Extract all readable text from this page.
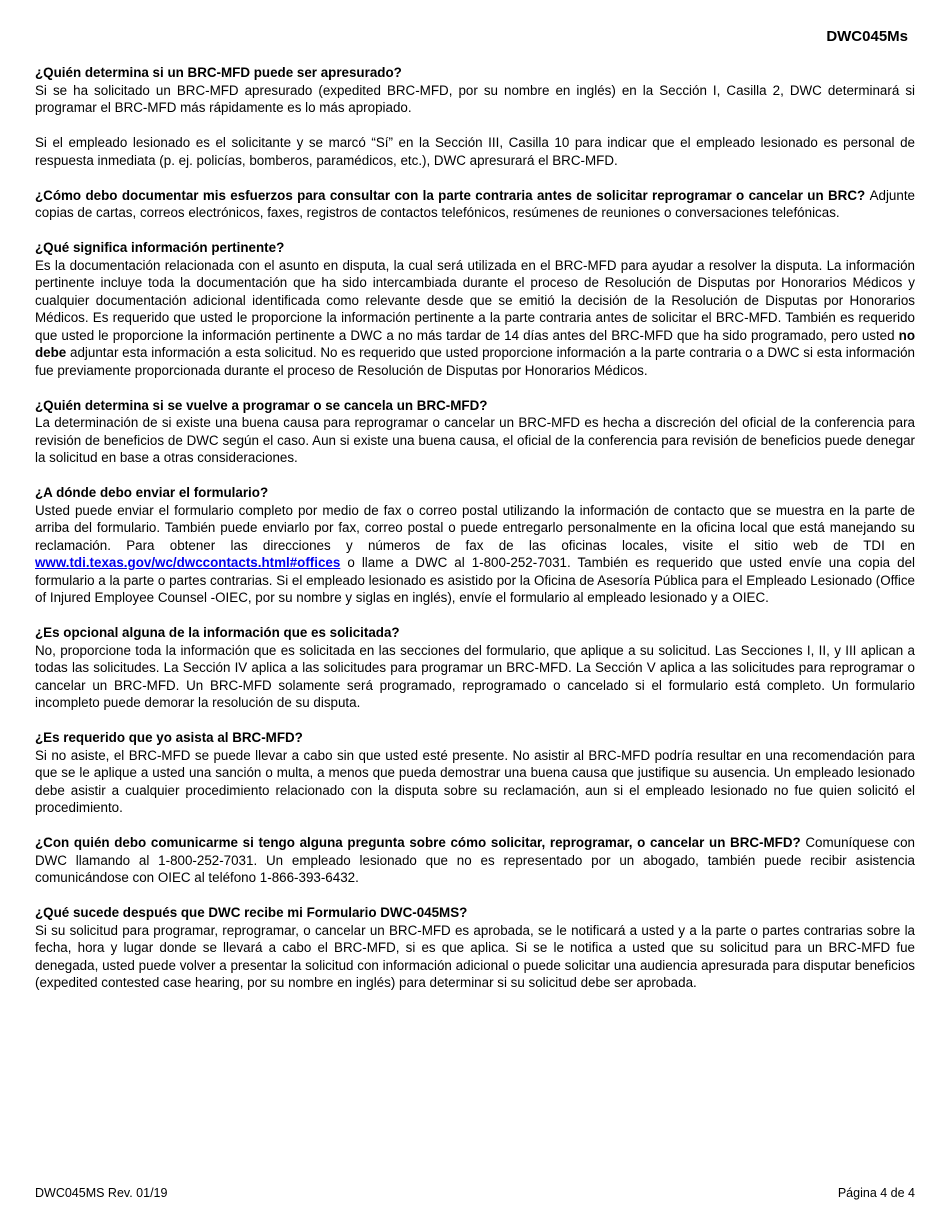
DWC045Ms
¿Quién determina si un BRC-MFD puede ser apresurado?

Si se ha solicitado un BRC-MFD apresurado (expedited BRC-MFD, por su nombre en inglés) en la Sección I, Casilla 2, DWC determinará si programar el BRC-MFD más rápidamente es lo más apropiado.

Si el empleado lesionado es el solicitante y se marcó “Sí” en la Sección III, Casilla 10 para indicar que el empleado lesionado es personal de respuesta inmediata (p. ej. policías, bomberos, paramédicos, etc.), DWC apresurará el BRC-MFD.

¿Cómo debo documentar mis esfuerzos para consultar con la parte contraria antes de solicitar reprogramar o cancelar un BRC? Adjunte copias de cartas, correos electrónicos, faxes, registros de contactos telefónicos, resúmenes de reuniones o conversaciones telefónicas.

¿Qué significa información pertinente?

Es la documentación relacionada con el asunto en disputa, la cual será utilizada en el BRC-MFD para ayudar a resolver la disputa. La información pertinente incluye toda la documentación que ha sido intercambiada durante el proceso de Resolución de Disputas por Honorarios Médicos y cualquier documentación adicional identificada como relevante desde que se emitió la decisión de la Resolución de Disputas por Honorarios Médicos. Es requerido que usted le proporcione la información pertinente a la parte contraria antes de solicitar el BRC-MFD. También es requerido que usted le proporcione la información pertinente a DWC a no más tardar de 14 días antes del BRC-MFD que ha sido programado, pero usted no debe adjuntar esta información a esta solicitud. No es requerido que usted proporcione información a la parte contraria o a DWC si esta información fue previamente proporcionada durante el proceso de Resolución de Disputas por Honorarios Médicos.

¿Quién determina si se vuelve a programar o se cancela un BRC-MFD?

La determinación de si existe una buena causa para reprogramar o cancelar un BRC-MFD es hecha a discreción del oficial de la conferencia para revisión de beneficios de DWC según el caso. Aun si existe una buena causa, el oficial de la conferencia para revisión de beneficios puede denegar la solicitud en base a otras consideraciones.

¿A dónde debo enviar el formulario?

Usted puede enviar el formulario completo por medio de fax o correo postal utilizando la información de contacto que se muestra en la parte de arriba del formulario. También puede enviarlo por fax, correo postal o puede entregarlo personalmente en la oficina local que está manejando su reclamación. Para obtener las direcciones y números de fax de las oficinas locales, visite el sitio web de TDI en www.tdi.texas.gov/wc/dwccontacts.html#offices o llame a DWC al 1-800-252-7031. También es requerido que usted envíe una copia del formulario a la parte o partes contrarias. Si el empleado lesionado es asistido por la Oficina de Asesoría Pública para el Empleado Lesionado (Office of Injured Employee Counsel -OIEC, por su nombre y siglas en inglés), envíe el formulario al empleado lesionado y a OIEC.

¿Es opcional alguna de la información que es solicitada?

No, proporcione toda la información que es solicitada en las secciones del formulario, que aplique a su solicitud. Las Secciones I, II, y III aplican a todas las solicitudes. La Sección IV aplica a las solicitudes para programar un BRC-MFD. La Sección V aplica a las solicitudes para reprogramar o cancelar un BRC-MFD. Un BRC-MFD solamente será programado, reprogramado o cancelado si el formulario está completo. Un formulario incompleto puede demorar la resolución de su disputa.

¿Es requerido que yo asista al BRC-MFD?

Si no asiste, el BRC-MFD se puede llevar a cabo sin que usted esté presente. No asistir al BRC-MFD podría resultar en una recomendación para que se le aplique a usted una sanción o multa, a menos que pueda demostrar una buena causa que justifique su ausencia. Un empleado lesionado debe asistir a cualquier procedimiento relacionado con la disputa sobre su reclamación, aun si el empleado lesionado no fue quien solicitó el procedimiento.

¿Con quién debo comunicarme si tengo alguna pregunta sobre cómo solicitar, reprogramar, o cancelar un BRC-MFD? Comuníquese con DWC llamando al 1-800-252-7031. Un empleado lesionado que no es representado por un abogado, también puede recibir asistencia comunicándose con OIEC al teléfono 1-866-393-6432.

¿Qué sucede después que DWC recibe mi Formulario DWC-045MS?

Si su solicitud para programar, reprogramar, o cancelar un BRC-MFD es aprobada, se le notificará a usted y a la parte o partes contrarias sobre la fecha, hora y lugar donde se llevará a cabo el BRC-MFD, si es que aplica. Si se le notifica a usted que su solicitud para un BRC-MFD fue denegada, usted puede volver a presentar la solicitud con información adicional o puede solicitar una audiencia apresurada para disputar beneficios (expedited contested case hearing, por su nombre en inglés) para determinar si su solicitud debe ser aprobada.

DWC045MS Rev. 01/19	Página 4 de 4
